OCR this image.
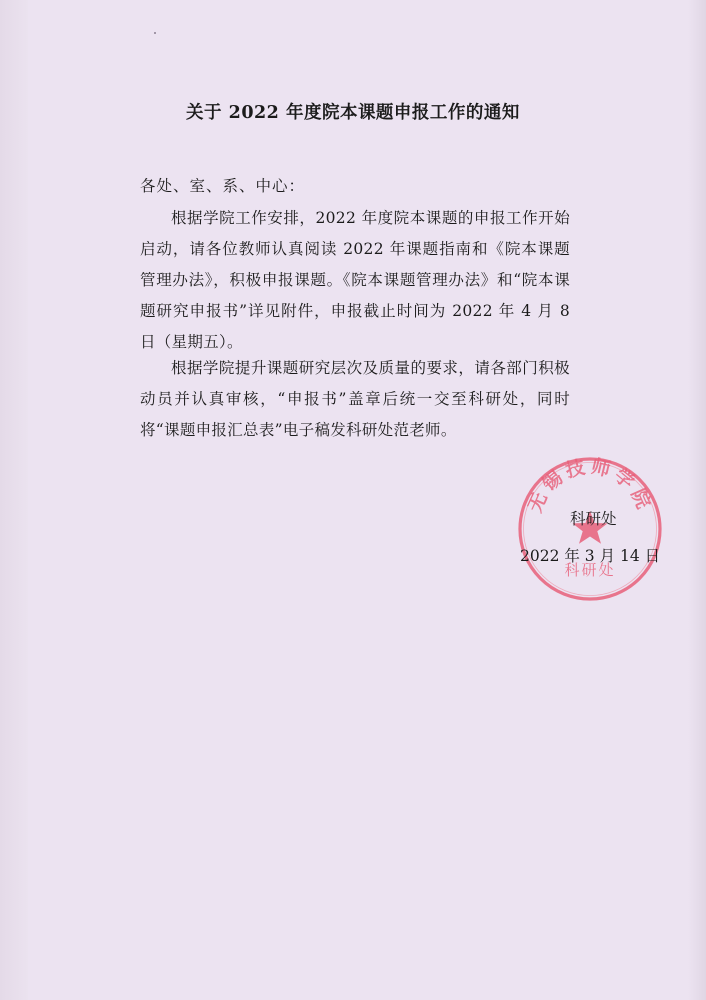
关于 2022 年度院本课题申报工作的通知

各处、室、系、中心：

根据学院工作安排，2022 年度院本课题的申报工作开始启动，请各位教师认真阅读 2022 年课题指南和《院本课题管理办法》，积极申报课题。《院本课题管理办法》和“院本课题研究申报书”详见附件，申报截止时间为 2022 年 4 月 8 日（星期五）。

根据学院提升课题研究层次及质量的要求，请各部门积极动员并认真审核，“申报书”盖章后统一交至科研处，同时将“课题申报汇总表”电子稿发科研处范老师。

无锡技师学院
科研处

科研处

2022 年 3 月 14 日
